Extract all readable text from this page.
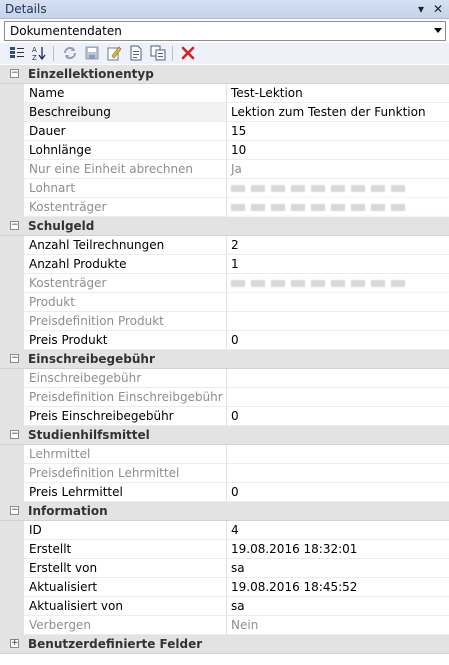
Details	▾ ✕
Dokumentendaten
A
Z
− Einzellektionentyp
Name	Test-Lektion
Beschreibung	Lektion zum Testen der Funktion
Dauer	15
Lohnlänge	10
Nur eine Einheit abrechnen	Ja
Lohnart
Kostenträger
− Schulgeld
Anzahl Teilrechnungen	2
Anzahl Produkte	1
Kostenträger
Produkt
Preisdefinition Produkt
Preis Produkt	0
− Einschreibegebühr
Einschreibegebühr
Preisdefinition Einschreibgebühr
Preis Einschreibegebühr	0
− Studienhilfsmittel
Lehrmittel
Preisdefinition Lehrmittel
Preis Lehrmittel	0
− Information
ID	4
Erstellt	19.08.2016 18:32:01
Erstellt von	sa
Aktualisiert	19.08.2016 18:45:52
Aktualisiert von	sa
Verbergen	Nein
+ Benutzerdefinierte Felder
